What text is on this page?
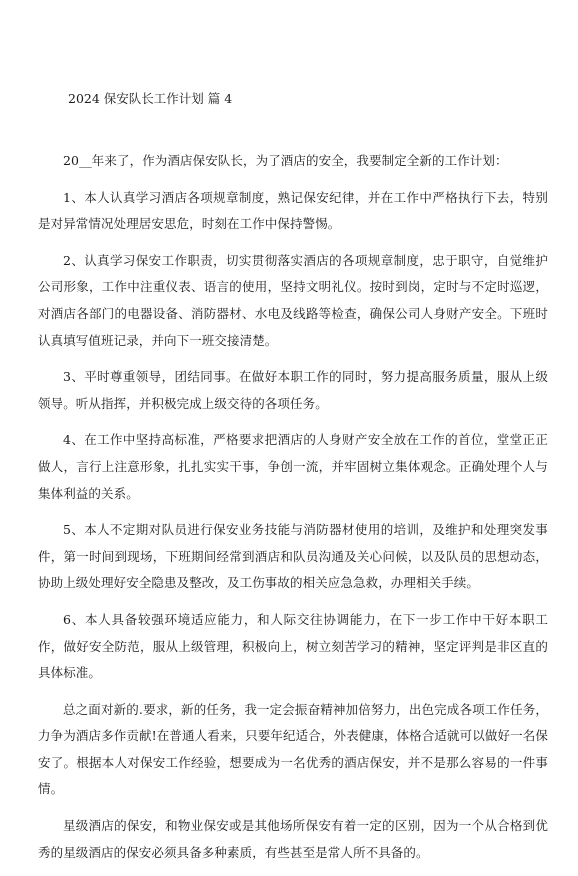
2024 保安队长工作计划 篇 4

20__年来了，作为酒店保安队长，为了酒店的安全，我要制定全新的工作计划：

1、本人认真学习酒店各项规章制度，熟记保安纪律，并在工作中严格执行下去，特别是对异常情况处理居安思危，时刻在工作中保持警惕。

2、认真学习保安工作职责，切实贯彻落实酒店的各项规章制度，忠于职守，自觉维护公司形象，工作中注重仪表、语言的使用，坚持文明礼仪。按时到岗，定时与不定时巡逻，对酒店各部门的电器设备、消防器材、水电及线路等检查，确保公司人身财产安全。下班时认真填写值班记录，并向下一班交接清楚。

3、平时尊重领导，团结同事。在做好本职工作的同时，努力提高服务质量，服从上级领导。听从指挥，并积极完成上级交待的各项任务。

4、在工作中坚持高标准，严格要求把酒店的人身财产安全放在工作的首位，堂堂正正做人，言行上注意形象，扎扎实实干事，争创一流，并牢固树立集体观念。正确处理个人与集体利益的关系。

5、本人不定期对队员进行保安业务技能与消防器材使用的培训，及维护和处理突发事件，第一时间到现场，下班期间经常到酒店和队员沟通及关心问候，以及队员的思想动态，协助上级处理好安全隐患及整改，及工伤事故的相关应急急救，办理相关手续。

6、本人具备较强环境适应能力，和人际交往协调能力，在下一步工作中干好本职工作，做好安全防范，服从上级管理，积极向上，树立刻苦学习的精神，坚定评判是非区直的具体标准。

总之面对新的.要求，新的任务，我一定会振奋精神加倍努力，出色完成各项工作任务，力争为酒店多作贡献!在普通人看来，只要年纪适合，外表健康，体格合适就可以做好一名保安了。根据本人对保安工作经验，想要成为一名优秀的酒店保安，并不是那么容易的一件事情。

星级酒店的保安，和物业保安或是其他场所保安有着一定的区别，因为一个从合格到优秀的星级酒店的保安必须具备多种素质，有些甚至是常人所不具备的。
